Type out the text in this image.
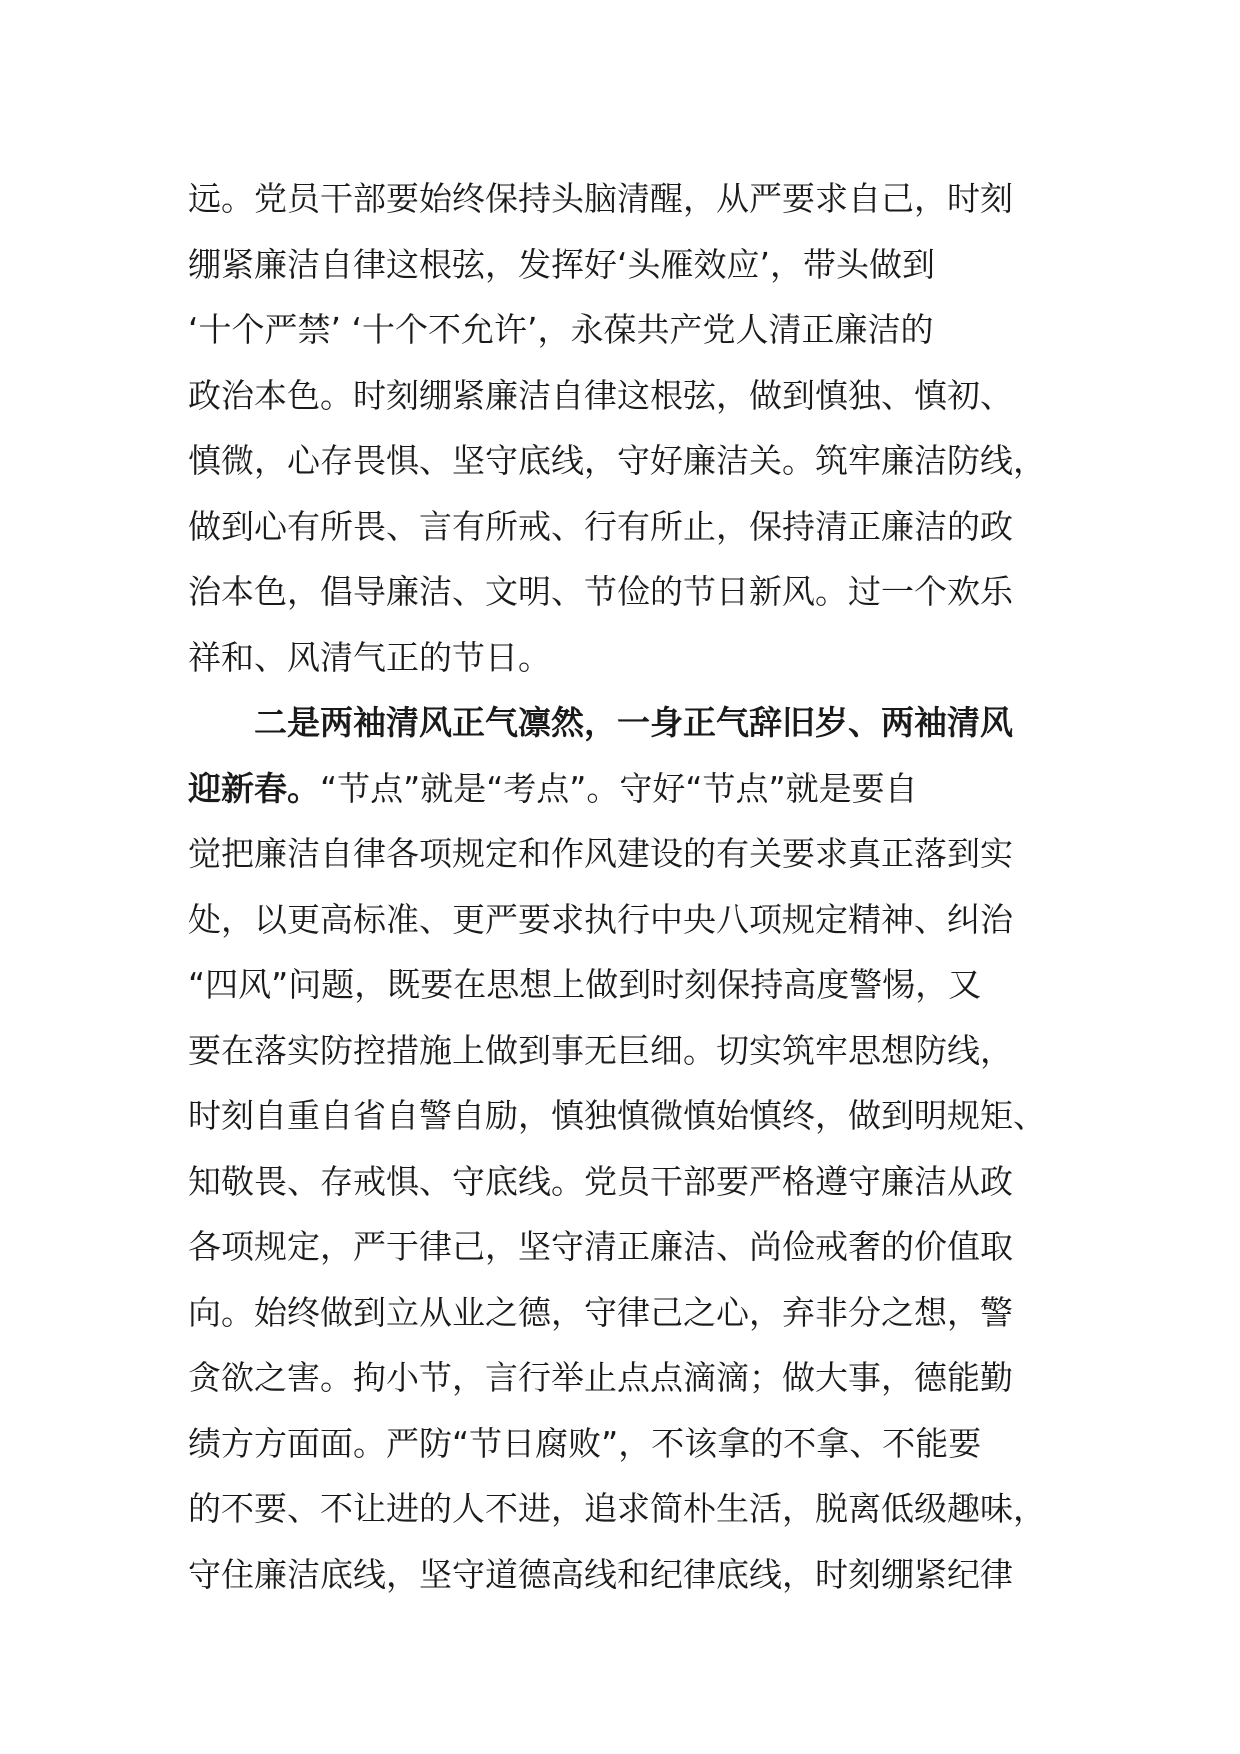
远。党员干部要始终保持头脑清醒，从严要求自己，时刻
绷紧廉洁自律这根弦，发挥好‘头雁效应’，带头做到
‘十个严禁’ ‘十个不允许’，永葆共产党人清正廉洁的
政治本色。时刻绷紧廉洁自律这根弦，做到慎独、慎初、
慎微，心存畏惧、坚守底线，守好廉洁关。筑牢廉洁防线，
做到心有所畏、言有所戒、行有所止，保持清正廉洁的政
治本色，倡导廉洁、文明、节俭的节日新风。过一个欢乐
祥和、风清气正的节日。
二是两袖清风正气凛然，一身正气辞旧岁、两袖清风
迎新春。“节点”就是“考点”。守好“节点”就是要自
觉把廉洁自律各项规定和作风建设的有关要求真正落到实
处，以更高标准、更严要求执行中央八项规定精神、纠治
“四风”问题，既要在思想上做到时刻保持高度警惕，又
要在落实防控措施上做到事无巨细。切实筑牢思想防线，
时刻自重自省自警自励，慎独慎微慎始慎终，做到明规矩、
知敬畏、存戒惧、守底线。党员干部要严格遵守廉洁从政
各项规定，严于律己，坚守清正廉洁、尚俭戒奢的价值取
向。始终做到立从业之德，守律己之心，弃非分之想，警
贪欲之害。拘小节，言行举止点点滴滴；做大事，德能勤
绩方方面面。严防“节日腐败”，不该拿的不拿、不能要
的不要、不让进的人不进，追求简朴生活，脱离低级趣味，
守住廉洁底线，坚守道德高线和纪律底线，时刻绷紧纪律
